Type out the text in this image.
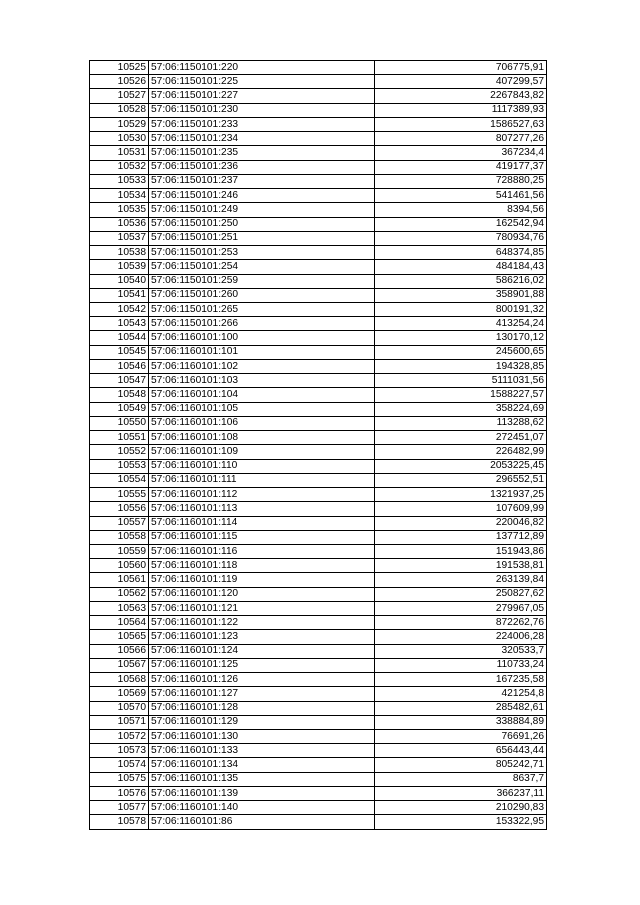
10525	57:06:1150101:220	706775,91
10526	57:06:1150101:225	407299,57
10527	57:06:1150101:227	2267843,82
10528	57:06:1150101:230	1117389,93
10529	57:06:1150101:233	1586527,63
10530	57:06:1150101:234	807277,26
10531	57:06:1150101:235	367234,4
10532	57:06:1150101:236	419177,37
10533	57:06:1150101:237	728880,25
10534	57:06:1150101:246	541461,56
10535	57:06:1150101:249	8394,56
10536	57:06:1150101:250	162542,94
10537	57:06:1150101:251	780934,76
10538	57:06:1150101:253	648374,85
10539	57:06:1150101:254	484184,43
10540	57:06:1150101:259	586216,02
10541	57:06:1150101:260	358901,88
10542	57:06:1150101:265	800191,32
10543	57:06:1150101:266	413254,24
10544	57:06:1160101:100	130170,12
10545	57:06:1160101:101	245600,65
10546	57:06:1160101:102	194328,85
10547	57:06:1160101:103	5111031,56
10548	57:06:1160101:104	1588227,57
10549	57:06:1160101:105	358224,69
10550	57:06:1160101:106	113288,62
10551	57:06:1160101:108	272451,07
10552	57:06:1160101:109	226482,99
10553	57:06:1160101:110	2053225,45
10554	57:06:1160101:111	296552,51
10555	57:06:1160101:112	1321937,25
10556	57:06:1160101:113	107609,99
10557	57:06:1160101:114	220046,82
10558	57:06:1160101:115	137712,89
10559	57:06:1160101:116	151943,86
10560	57:06:1160101:118	191538,81
10561	57:06:1160101:119	263139,84
10562	57:06:1160101:120	250827,62
10563	57:06:1160101:121	279967,05
10564	57:06:1160101:122	872262,76
10565	57:06:1160101:123	224006,28
10566	57:06:1160101:124	320533,7
10567	57:06:1160101:125	110733,24
10568	57:06:1160101:126	167235,58
10569	57:06:1160101:127	421254,8
10570	57:06:1160101:128	285482,61
10571	57:06:1160101:129	338884,89
10572	57:06:1160101:130	76691,26
10573	57:06:1160101:133	656443,44
10574	57:06:1160101:134	805242,71
10575	57:06:1160101:135	8637,7
10576	57:06:1160101:139	366237,11
10577	57:06:1160101:140	210290,83
10578	57:06:1160101:86	153322,95
